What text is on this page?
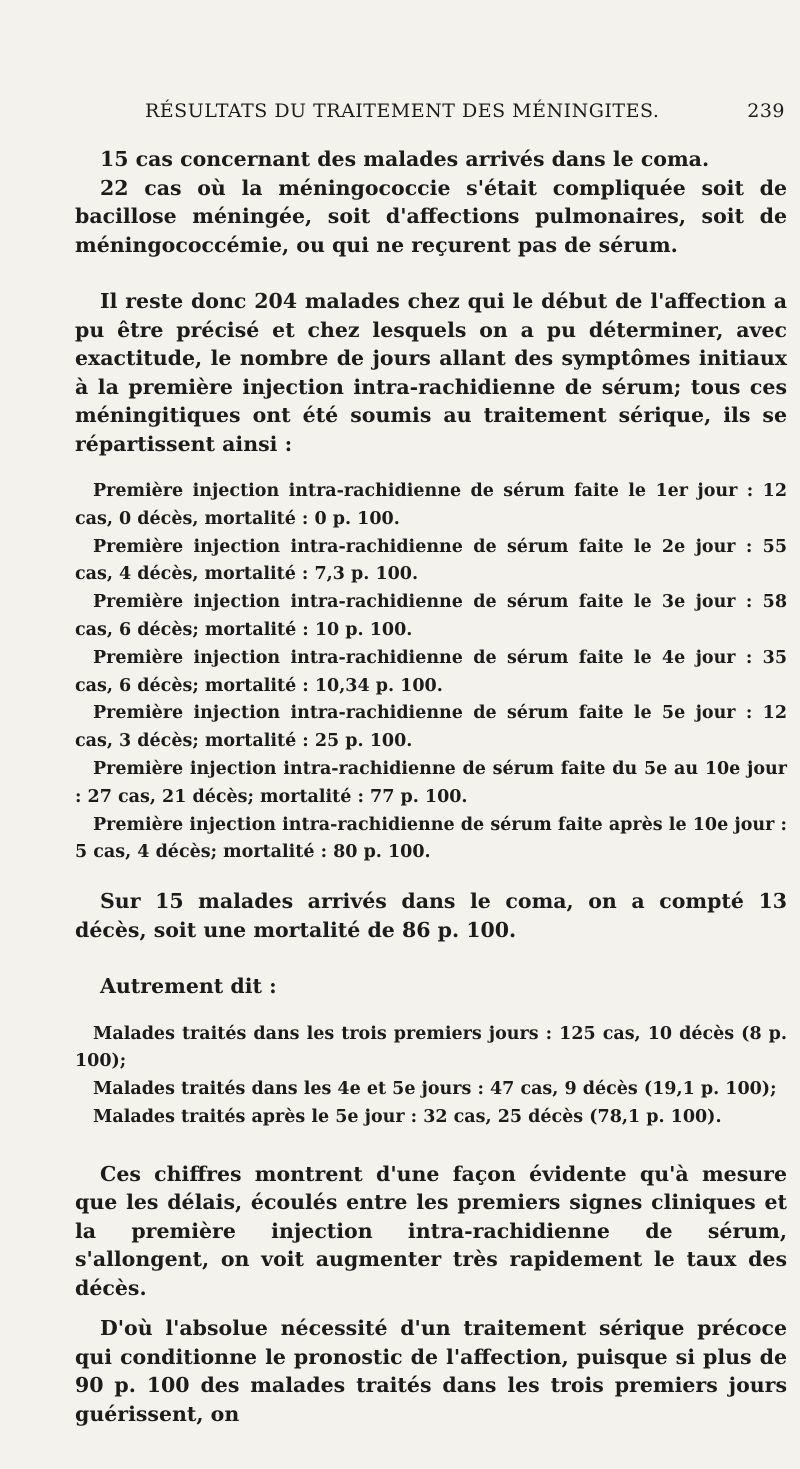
RÉSULTATS DU TRAITEMENT DES MÉNINGITES.	239

15 cas concernant des malades arrivés dans le coma.

22 cas où la méningococcie s'était compliquée soit de bacillose méningée, soit d'affections pulmonaires, soit de méningococcémie, ou qui ne reçurent pas de sérum.

Il reste donc 204 malades chez qui le début de l'affection a pu être précisé et chez lesquels on a pu déterminer, avec exactitude, le nombre de jours allant des symptômes initiaux à la première injection intra-rachidienne de sérum; tous ces méningitiques ont été soumis au traitement sérique, ils se répartissent ainsi :

Première injection intra-rachidienne de sérum faite le 1er jour : 12 cas, 0 décès, mortalité : 0 p. 100.
Première injection intra-rachidienne de sérum faite le 2e jour : 55 cas, 4 décès, mortalité : 7,3 p. 100.
Première injection intra-rachidienne de sérum faite le 3e jour : 58 cas, 6 décès; mortalité : 10 p. 100.
Première injection intra-rachidienne de sérum faite le 4e jour : 35 cas, 6 décès; mortalité : 10,34 p. 100.
Première injection intra-rachidienne de sérum faite le 5e jour : 12 cas, 3 décès; mortalité : 25 p. 100.
Première injection intra-rachidienne de sérum faite du 5e au 10e jour : 27 cas, 21 décès; mortalité : 77 p. 100.
Première injection intra-rachidienne de sérum faite après le 10e jour : 5 cas, 4 décès; mortalité : 80 p. 100.

Sur 15 malades arrivés dans le coma, on a compté 13 décès, soit une mortalité de 86 p. 100.

Autrement dit :

Malades traités dans les trois premiers jours : 125 cas, 10 décès (8 p. 100);
Malades traités dans les 4e et 5e jours : 47 cas, 9 décès (19,1 p. 100);
Malades traités après le 5e jour : 32 cas, 25 décès (78,1 p. 100).

Ces chiffres montrent d'une façon évidente qu'à mesure que les délais, écoulés entre les premiers signes cliniques et la première injection intra-rachidienne de sérum, s'allongent, on voit augmenter très rapidement le taux des décès.

D'où l'absolue nécessité d'un traitement sérique précoce qui conditionne le pronostic de l'affection, puisque si plus de 90 p. 100 des malades traités dans les trois premiers jours guérissent, on
